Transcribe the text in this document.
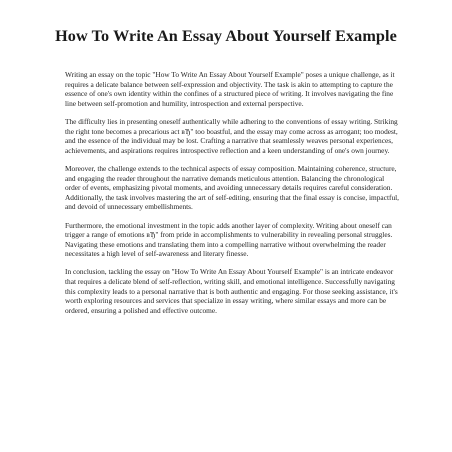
How To Write An Essay About Yourself Example

Writing an essay on the topic "How To Write An Essay About Yourself Example" poses a unique challenge, as it requires a delicate balance between self-expression and objectivity. The task is akin to attempting to capture the essence of one's own identity within the confines of a structured piece of writing. It involves navigating the fine line between self-promotion and humility, introspection and external perspective.

The difficulty lies in presenting oneself authentically while adhering to the conventions of essay writing. Striking the right tone becomes a precarious act вЂ" too boastful, and the essay may come across as arrogant; too modest, and the essence of the individual may be lost. Crafting a narrative that seamlessly weaves personal experiences, achievements, and aspirations requires introspective reflection and a keen understanding of one's own journey.

Moreover, the challenge extends to the technical aspects of essay composition. Maintaining coherence, structure, and engaging the reader throughout the narrative demands meticulous attention. Balancing the chronological order of events, emphasizing pivotal moments, and avoiding unnecessary details requires careful consideration. Additionally, the task involves mastering the art of self-editing, ensuring that the final essay is concise, impactful, and devoid of unnecessary embellishments.

Furthermore, the emotional investment in the topic adds another layer of complexity. Writing about oneself can trigger a range of emotions вЂ" from pride in accomplishments to vulnerability in revealing personal struggles. Navigating these emotions and translating them into a compelling narrative without overwhelming the reader necessitates a high level of self-awareness and literary finesse.

In conclusion, tackling the essay on "How To Write An Essay About Yourself Example" is an intricate endeavor that requires a delicate blend of self-reflection, writing skill, and emotional intelligence. Successfully navigating this complexity leads to a personal narrative that is both authentic and engaging. For those seeking assistance, it's worth exploring resources and services that specialize in essay writing, where similar essays and more can be ordered, ensuring a polished and effective outcome.
